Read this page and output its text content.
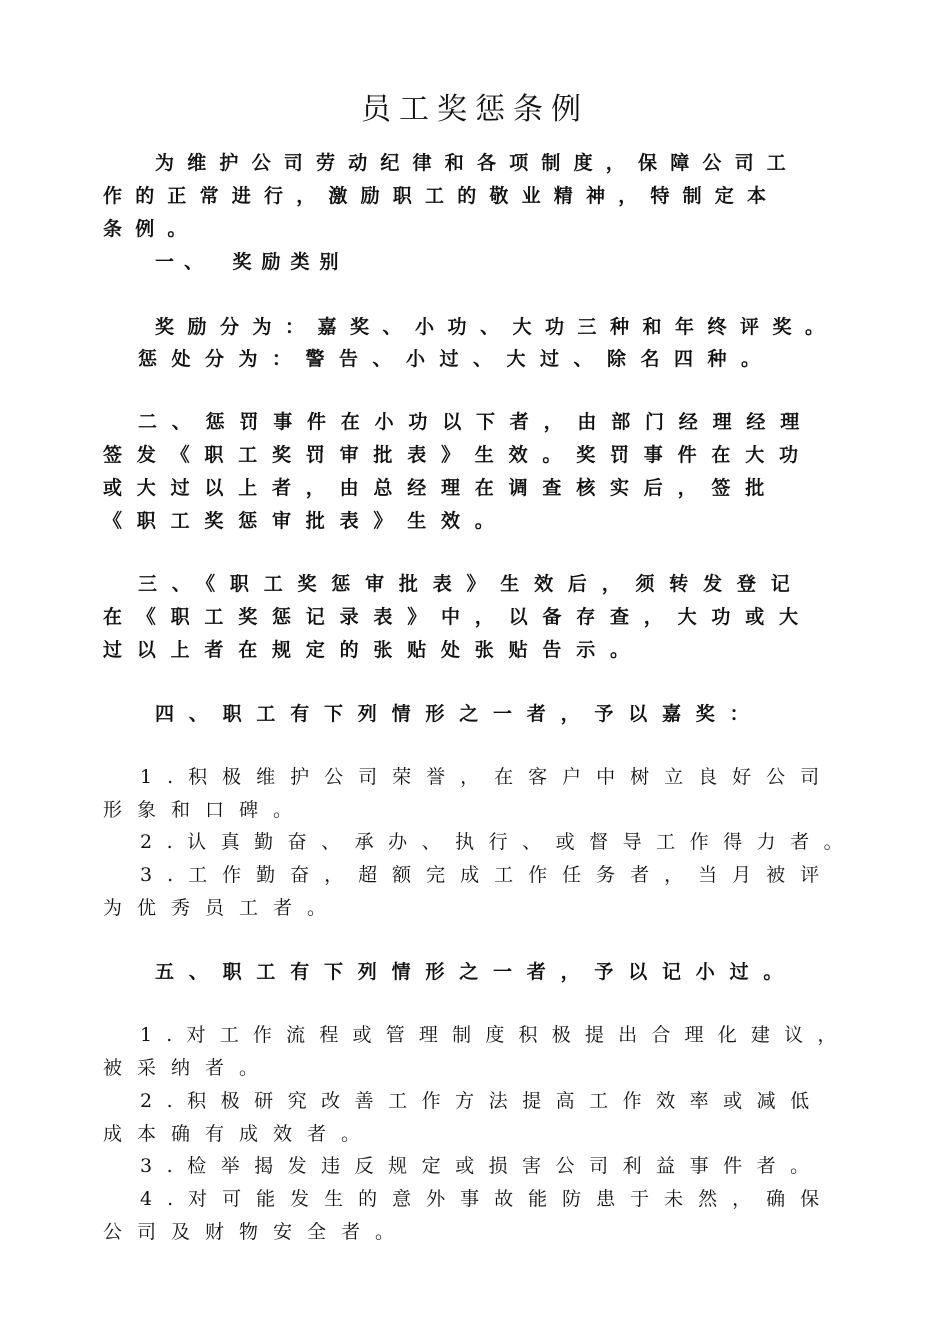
员工奖惩条例
为维护公司劳动纪律和各项制度，保障公司工
作的正常进行，激励职工的敬业精神，特制定本
条例。
一、　奖励类别
奖励分为：嘉奖、小功、大功三种和年终评奖。
惩处分为：警告、小过、大过、除名四种。
二、惩罚事件在小功以下者，由部门经理经理
签发《职工奖罚审批表》生效。奖罚事件在大功
或大过以上者，由总经理在调查核实后，签批
《职工奖惩审批表》生效。
三、《职工奖惩审批表》生效后，须转发登记
在《职工奖惩记录表》中，以备存查，大功或大
过以上者在规定的张贴处张贴告示。
四、职工有下列情形之一者，予以嘉奖：
1.积极维护公司荣誉，在客户中树立良好公司
形象和口碑。
2.认真勤奋、承办、执行、或督导工作得力者。
3.工作勤奋，超额完成工作任务者，当月被评
为优秀员工者。
五、职工有下列情形之一者，予以记小过。
1.对工作流程或管理制度积极提出合理化建议，
被采纳者。
2.积极研究改善工作方法提高工作效率或减低
成本确有成效者。
3.检举揭发违反规定或损害公司利益事件者。
4.对可能发生的意外事故能防患于未然，确保
公司及财物安全者。
